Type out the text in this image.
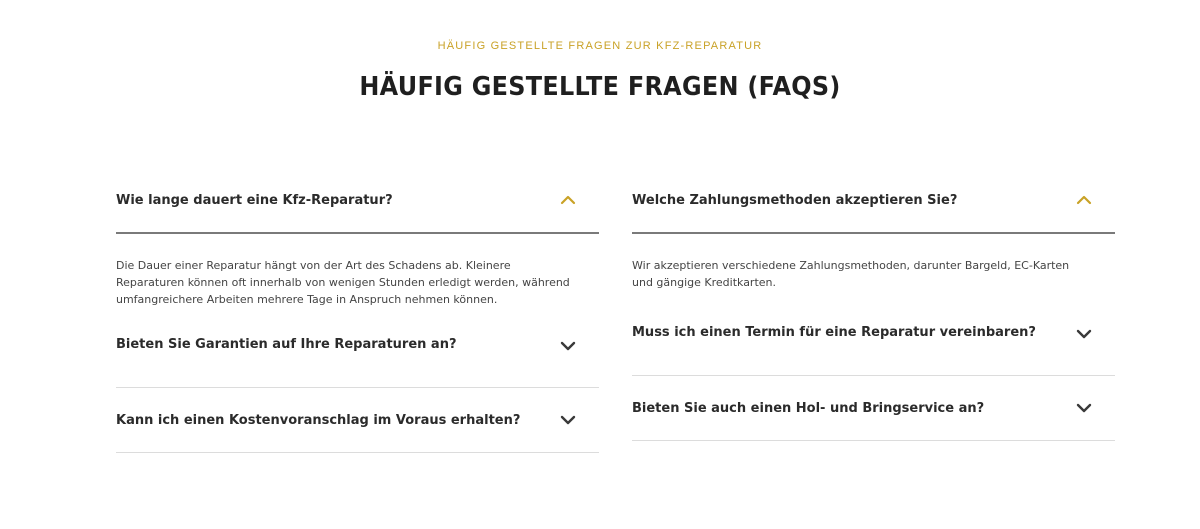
HÄUFIG GESTELLTE FRAGEN ZUR KFZ-REPARATUR
HÄUFIG GESTELLTE FRAGEN (FAQS)
Wie lange dauert eine Kfz-Reparatur?
Die Dauer einer Reparatur hängt von der Art des Schadens ab. Kleinere Reparaturen können oft innerhalb von wenigen Stunden erledigt werden, während umfangreichere Arbeiten mehrere Tage in Anspruch nehmen können.
Bieten Sie Garantien auf Ihre Reparaturen an?
Kann ich einen Kostenvoranschlag im Voraus erhalten?
Welche Zahlungsmethoden akzeptieren Sie?
Wir akzeptieren verschiedene Zahlungsmethoden, darunter Bargeld, EC-Karten und gängige Kreditkarten.
Muss ich einen Termin für eine Reparatur vereinbaren?
Bieten Sie auch einen Hol- und Bringservice an?
